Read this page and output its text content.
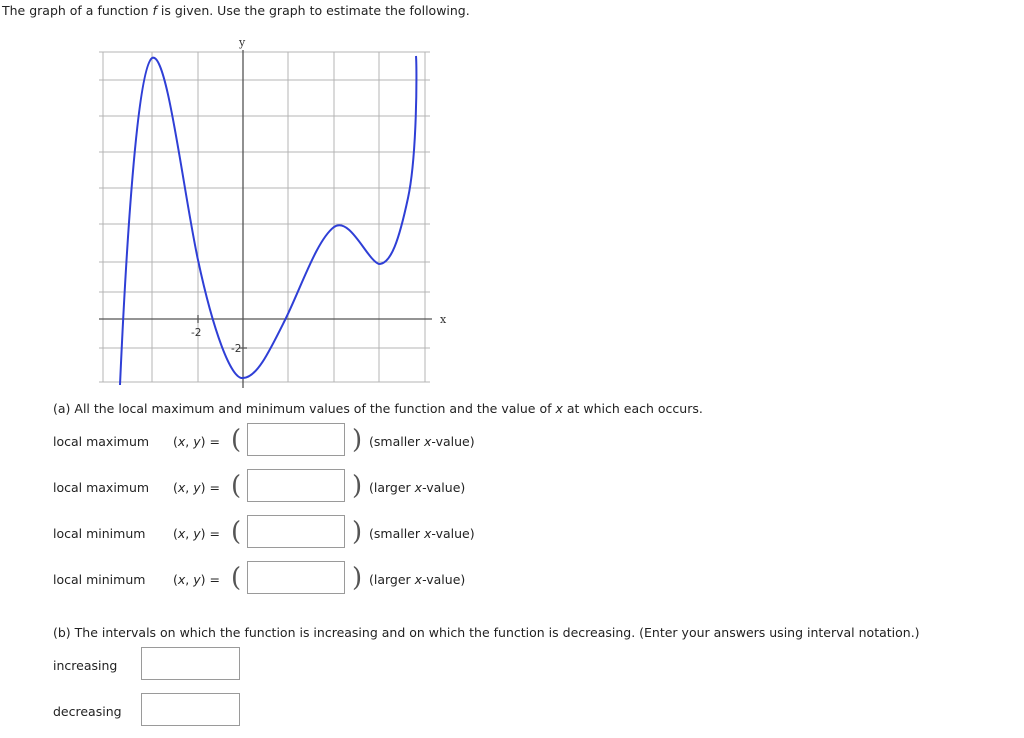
The graph of a function f is given. Use the graph to estimate the following.
x
y
-2
-2
(a) All the local maximum and minimum values of the function and the value of x at which each occurs.
local maximum (x, y) = (	) (smaller x-value)
local maximum (x, y) = (	) (larger x-value)
local minimum (x, y) = (	) (smaller x-value)
local minimum (x, y) = (	) (larger x-value)
(b) The intervals on which the function is increasing and on which the function is decreasing. (Enter your answers using interval notation.)
increasing
decreasing
